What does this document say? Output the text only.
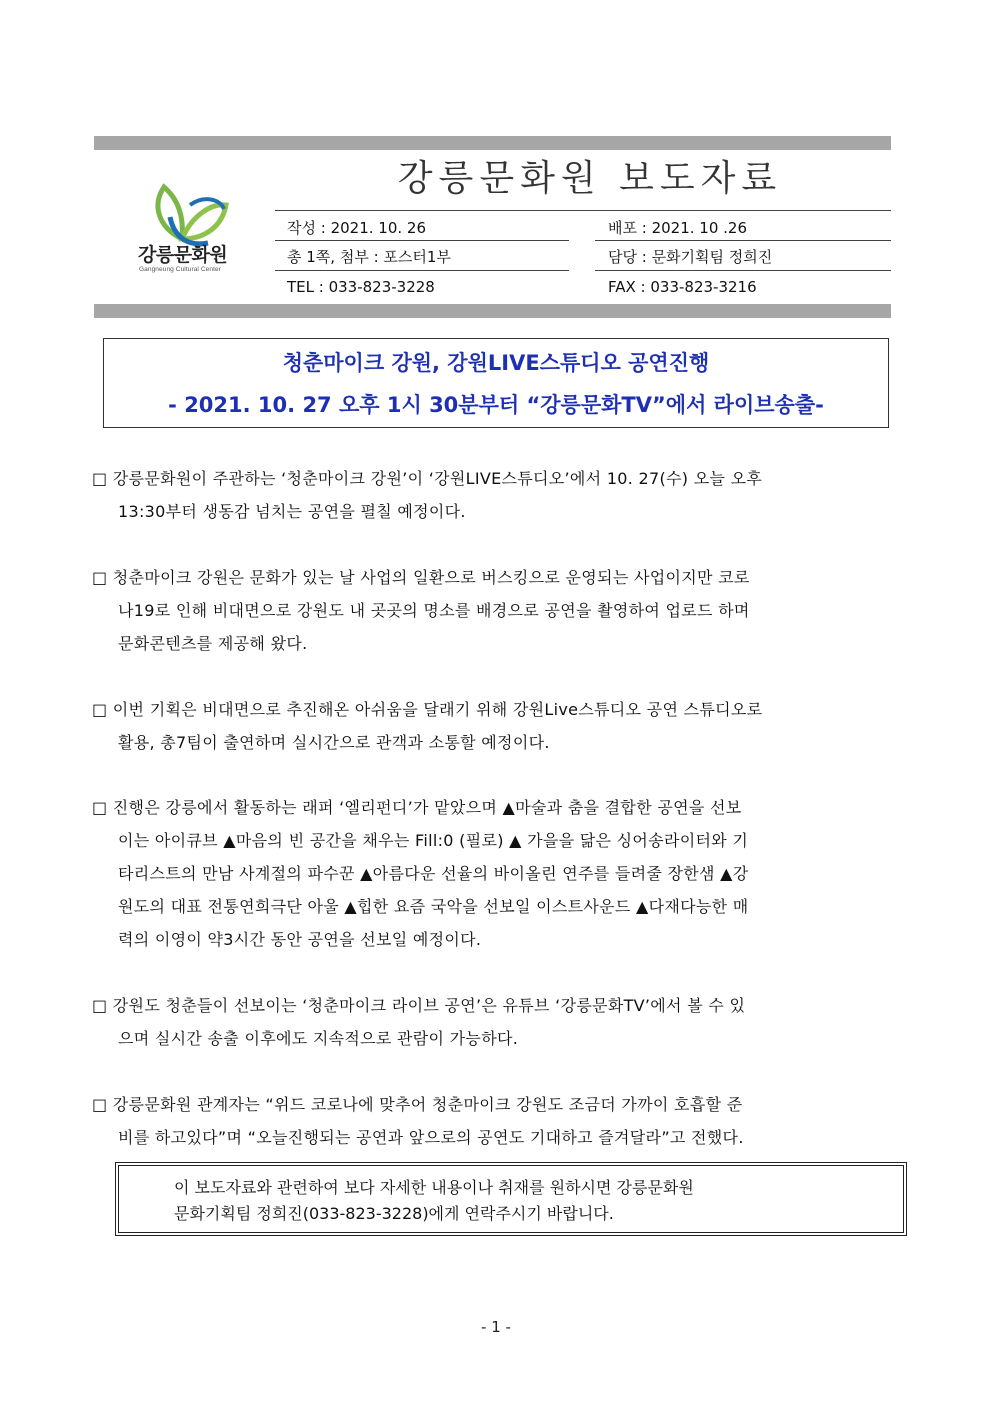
강릉문화원
Gangneung Cultural Center
강릉문화원 보도자료
작성 : 2021. 10. 26	배포 : 2021. 10 .26
총 1쪽, 첨부 : 포스터1부	담당 : 문화기획팀 정희진
TEL : 033-823-3228	FAX : 033-823-3216
청춘마이크 강원, 강원LIVE스튜디오 공연진행
- 2021. 10. 27 오후 1시 30분부터 “강릉문화TV”에서 라이브송출-
□ 강릉문화원이 주관하는 ‘청춘마이크 강원’이 ‘강원LIVE스튜디오’에서 10. 27(수) 오늘 오후
13:30부터 생동감 넘치는 공연을 펼칠 예정이다.
□ 청춘마이크 강원은 문화가 있는 날 사업의 일환으로 버스킹으로 운영되는 사업이지만 코로
나19로 인해 비대면으로 강원도 내 곳곳의 명소를 배경으로 공연을 촬영하여 업로드 하며
문화콘텐츠를 제공해 왔다.
□ 이번 기획은 비대면으로 추진해온 아쉬움을 달래기 위해 강원Live스튜디오 공연 스튜디오로
활용, 총7팀이 출연하며 실시간으로 관객과 소통할 예정이다.
□ 진행은 강릉에서 활동하는 래퍼 ‘엘리펀디’가 맡았으며 ▲마술과 춤을 결합한 공연을 선보
이는 아이큐브 ▲마음의 빈 공간을 채우는 Fill:0 (필로) ▲ 가을을 닮은 싱어송라이터와 기
타리스트의 만남 사계절의 파수꾼 ▲아름다운 선율의 바이올린 연주를 들려줄 장한샘 ▲강
원도의 대표 전통연희극단 아울 ▲힙한 요즘 국악을 선보일 이스트사운드 ▲다재다능한 매
력의 이영이 약3시간 동안 공연을 선보일 예정이다.
□ 강원도 청춘들이 선보이는 ‘청춘마이크 라이브 공연’은 유튜브 ‘강릉문화TV’에서 볼 수 있
으며 실시간 송출 이후에도 지속적으로 관람이 가능하다.
□ 강릉문화원 관계자는 “위드 코로나에 맞추어 청춘마이크 강원도 조금더 가까이 호흡할 준
비를 하고있다”며 “오늘진행되는 공연과 앞으로의 공연도 기대하고 즐겨달라”고 전했다.
이 보도자료와 관련하여 보다 자세한 내용이나 취재를 원하시면 강릉문화원
문화기획팀 정희진(033-823-3228)에게 연락주시기 바랍니다.
- 1 -
